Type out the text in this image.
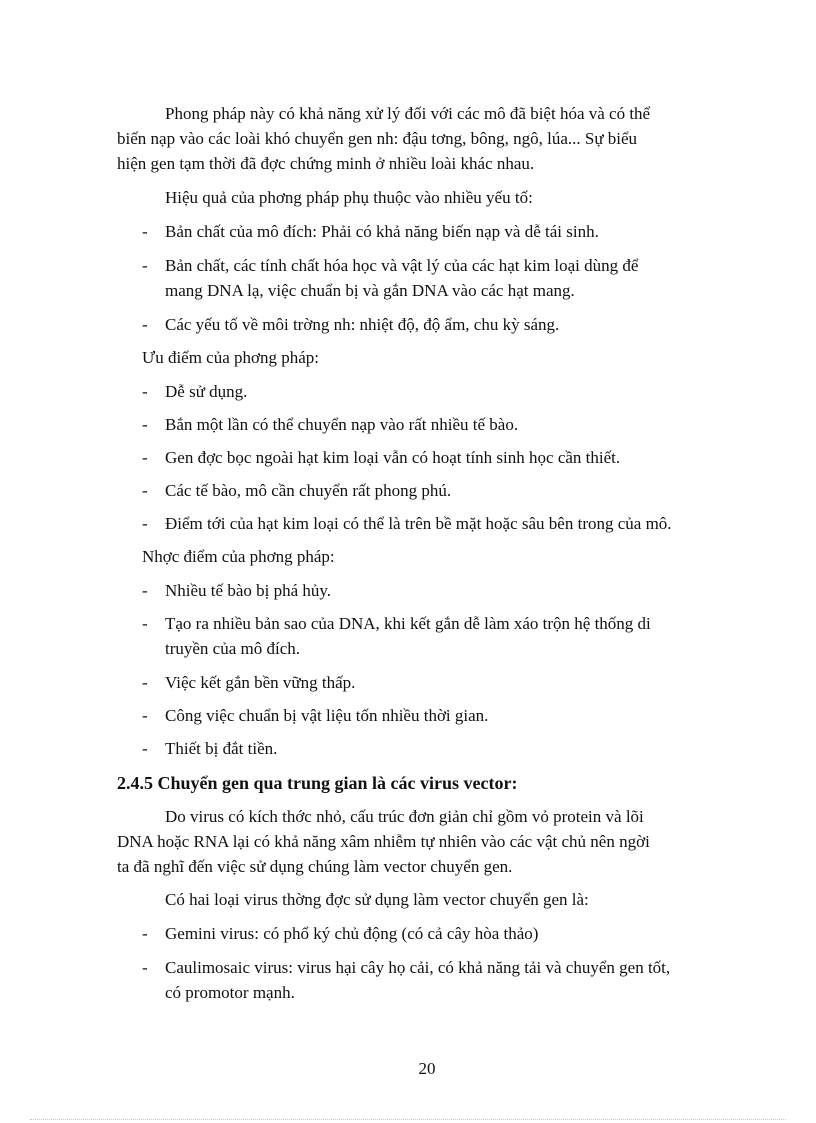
Phong pháp này có khả năng xử lý đối với các mô đã biệt hóa và có thể
biến nạp vào các loài khó chuyển gen nh: đậu tơng, bông, ngô, lúa... Sự biểu
hiện gen tạm thời đã đợc chứng minh ở nhiều loài khác nhau.
Hiệu quả của phơng pháp phụ thuộc vào nhiều yếu tố:
- Bản chất của mô đích: Phải có khả năng biến nạp và dễ tái sinh.
- Bản chất, các tính chất hóa học và vật lý của các hạt kim loại dùng để
mang DNA lạ, việc chuẩn bị và gắn DNA vào các hạt mang.
- Các yếu tố về môi trờng nh: nhiệt độ, độ ẩm, chu kỳ sáng.
Ưu điểm của phơng pháp:
- Dễ sử dụng.
- Bắn một lần có thể chuyển nạp vào rất nhiều tế bào.
- Gen đợc bọc ngoài hạt kim loại vẫn có hoạt tính sinh học cần thiết.
- Các tế bào, mô cần chuyển rất phong phú.
- Điểm tới của hạt kim loại có thể là trên bề mặt hoặc sâu bên trong của mô.
Nhợc điểm của phơng pháp:
- Nhiều tế bào bị phá hủy.
- Tạo ra nhiều bản sao của DNA, khi kết gắn dễ làm xáo trộn hệ thống di
truyền của mô đích.
- Việc kết gắn bền vững thấp.
- Công việc chuẩn bị vật liệu tốn nhiều thời gian.
- Thiết bị đắt tiền.
2.4.5 Chuyển gen qua trung gian là các virus vector:
Do virus có kích thớc nhỏ, cấu trúc đơn giản chỉ gồm vỏ protein và lõi
DNA hoặc RNA lại có khả năng xâm nhiễm tự nhiên vào các vật chủ nên ngời
ta đã nghĩ đến việc sử dụng chúng làm vector chuyển gen.
Có hai loại virus thờng đợc sử dụng làm vector chuyển gen là:
- Gemini virus: có phổ ký chủ động (có cả cây hòa thảo)
- Caulimosaic virus: virus hại cây họ cải, có khả năng tải và chuyển gen tốt,
có promotor mạnh.
20
